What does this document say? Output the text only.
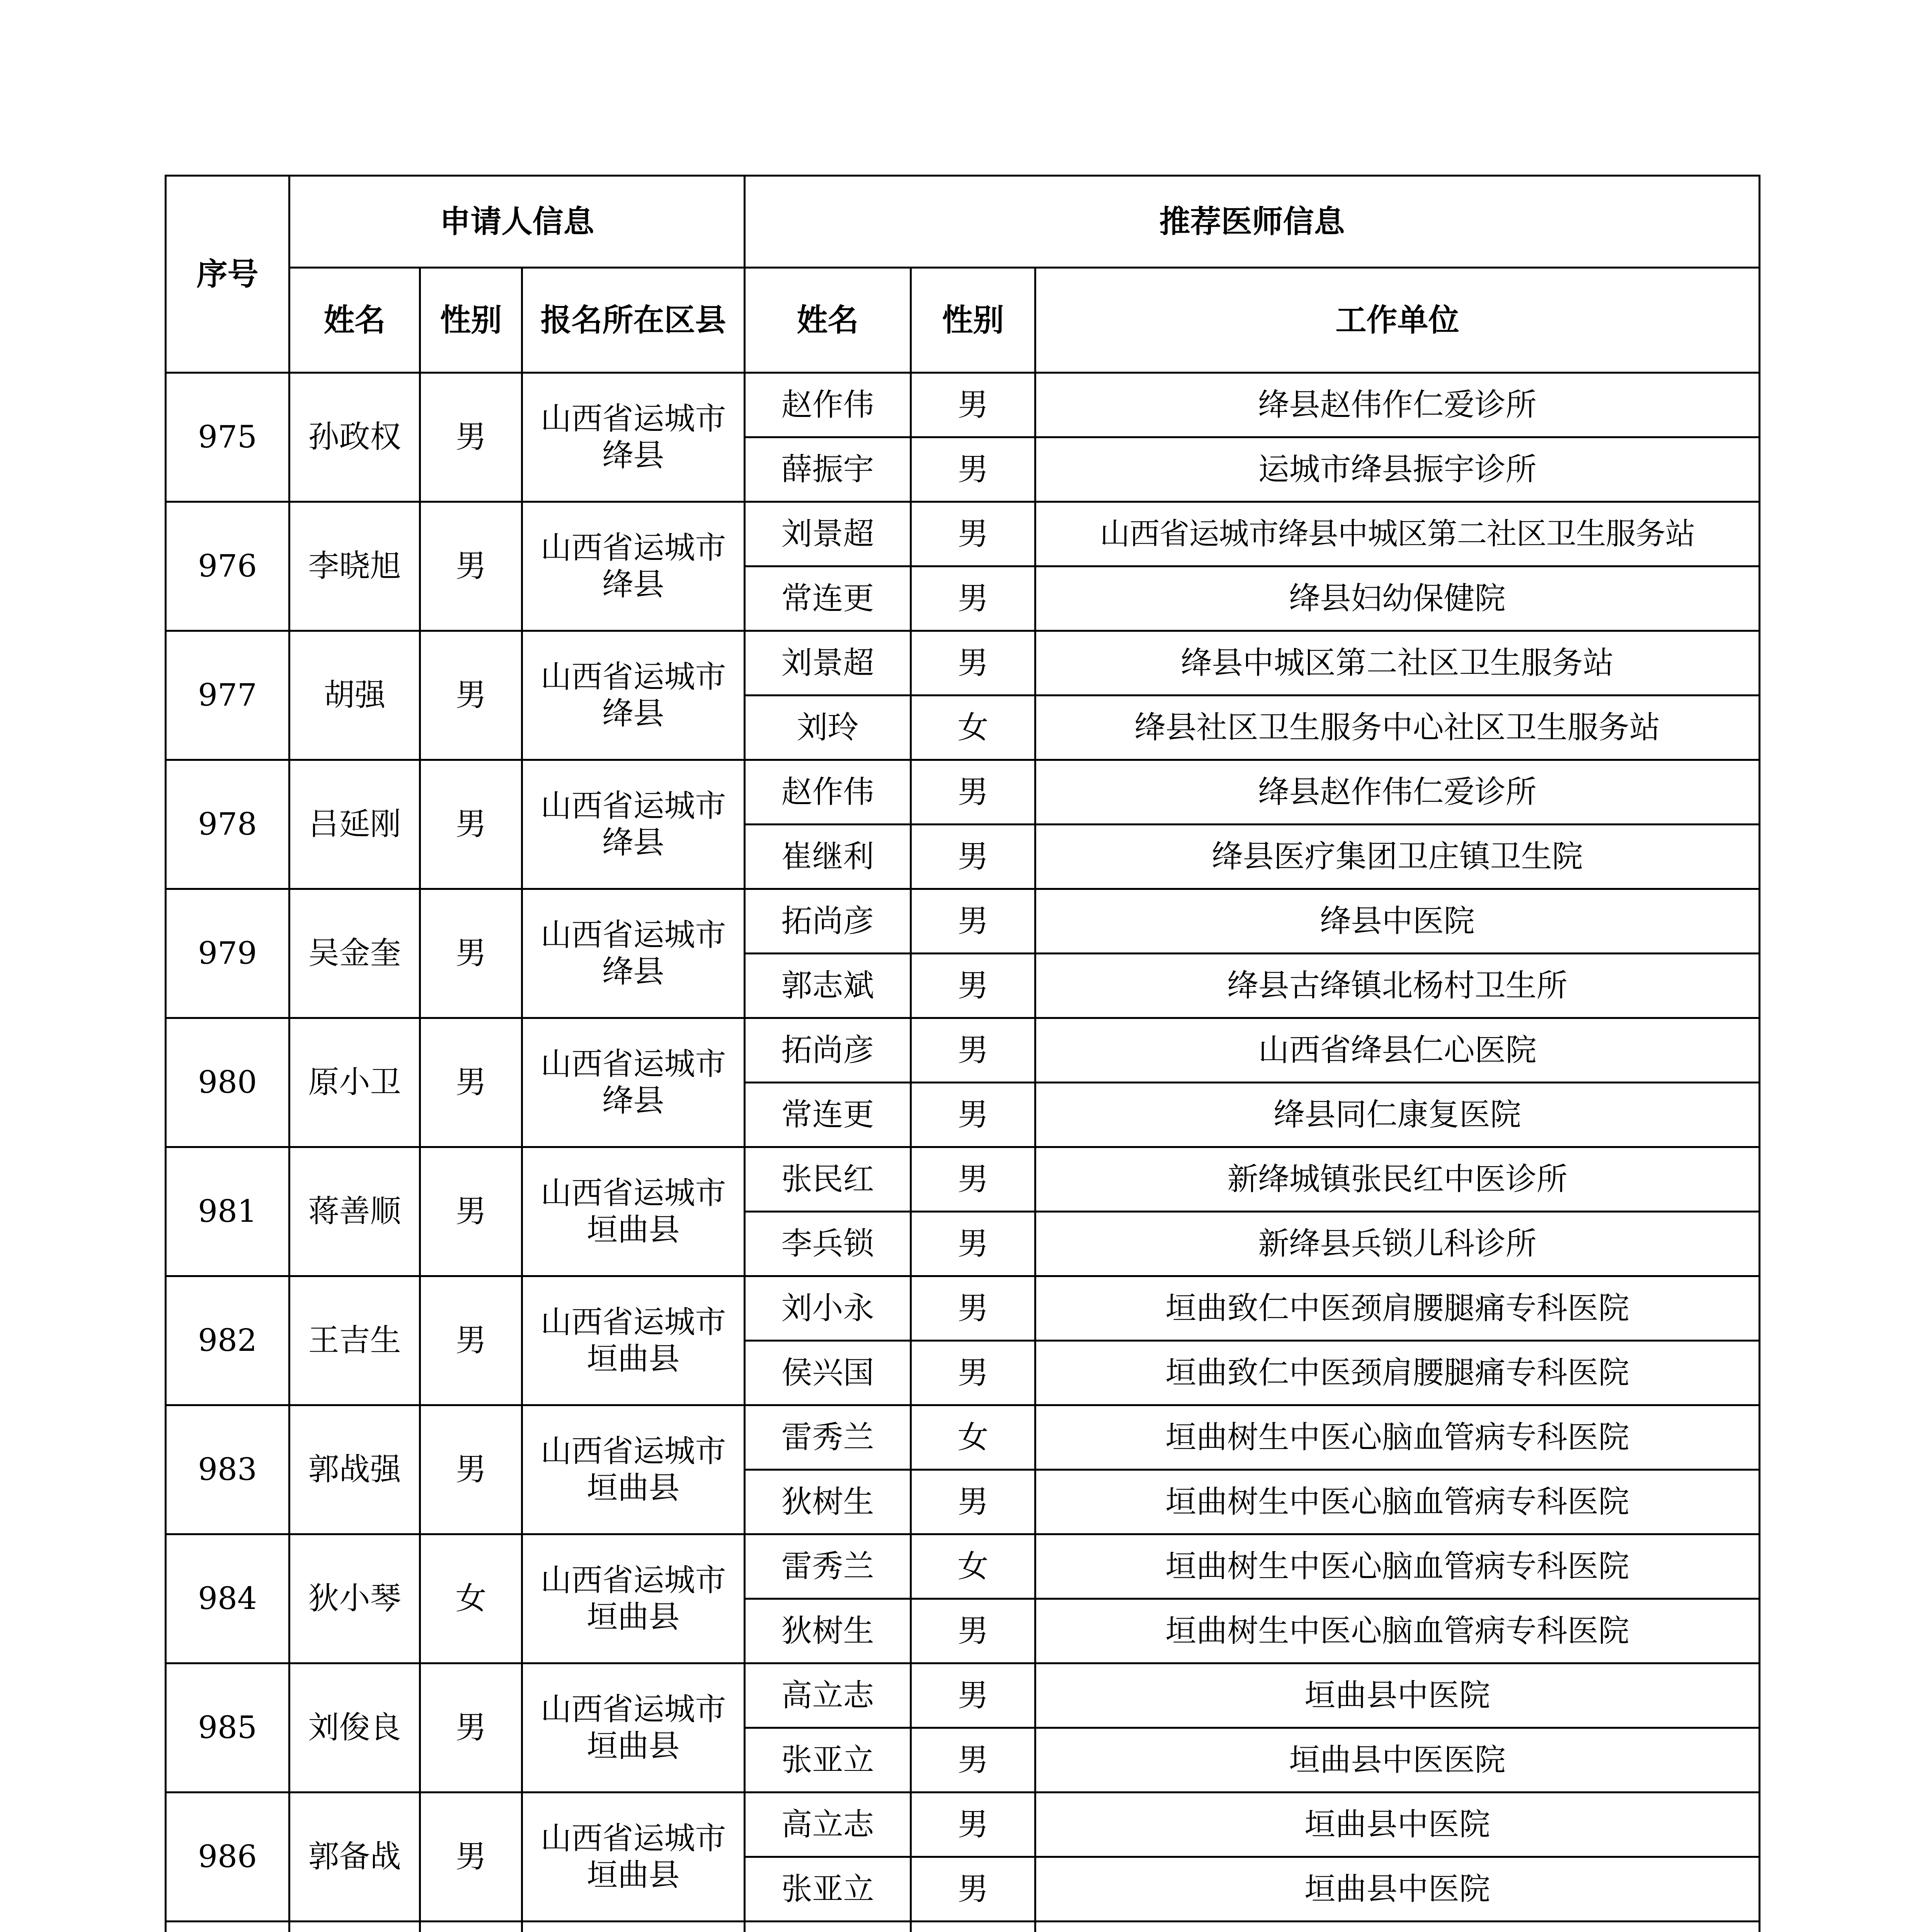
序号	申请人信息			推荐医师信息		
	姓名	性别	报名所在区县	姓名	性别	工作单位
975	孙政权	男	山西省运城市绛县	赵作伟	男	绛县赵伟作仁爱诊所
				薛振宇	男	运城市绛县振宇诊所
976	李晓旭	男	山西省运城市绛县	刘景超	男	山西省运城市绛县中城区第二社区卫生服务站
				常连更	男	绛县妇幼保健院
977	胡强	男	山西省运城市绛县	刘景超	男	绛县中城区第二社区卫生服务站
				刘玲	女	绛县社区卫生服务中心社区卫生服务站
978	吕延刚	男	山西省运城市绛县	赵作伟	男	绛县赵作伟仁爱诊所
				崔继利	男	绛县医疗集团卫庄镇卫生院
979	吴金奎	男	山西省运城市绛县	拓尚彦	男	绛县中医院
				郭志斌	男	绛县古绛镇北杨村卫生所
980	原小卫	男	山西省运城市绛县	拓尚彦	男	山西省绛县仁心医院
				常连更	男	绛县同仁康复医院
981	蒋善顺	男	山西省运城市垣曲县	张民红	男	新绛城镇张民红中医诊所
				李兵锁	男	新绛县兵锁儿科诊所
982	王吉生	男	山西省运城市垣曲县	刘小永	男	垣曲致仁中医颈肩腰腿痛专科医院
				侯兴国	男	垣曲致仁中医颈肩腰腿痛专科医院
983	郭战强	男	山西省运城市垣曲县	雷秀兰	女	垣曲树生中医心脑血管病专科医院
				狄树生	男	垣曲树生中医心脑血管病专科医院
984	狄小琴	女	山西省运城市垣曲县	雷秀兰	女	垣曲树生中医心脑血管病专科医院
				狄树生	男	垣曲树生中医心脑血管病专科医院
985	刘俊良	男	山西省运城市垣曲县	高立志	男	垣曲县中医院
				张亚立	男	垣曲县中医医院
986	郭备战	男	山西省运城市垣曲县	高立志	男	垣曲县中医院
				张亚立	男	垣曲县中医院
